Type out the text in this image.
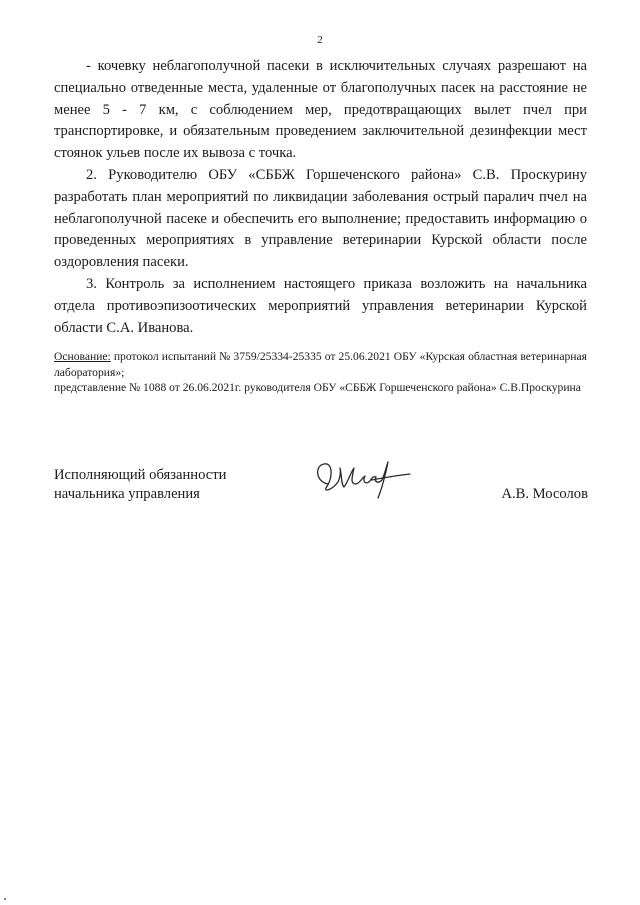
2

- кочевку неблагополучной пасеки в исключительных случаях разрешают на специально отведенные места, удаленные от благополучных пасек на расстояние не менее 5 - 7 км, с соблюдением мер, предотвращающих вылет пчел при транспортировке, и обязательным проведением заключительной дезинфекции мест стоянок ульев после их вывоза с точка.

2. Руководителю ОБУ «СББЖ Горшеченского района» С.В. Проскурину разработать план мероприятий по ликвидации заболевания острый паралич пчел на неблагополучной пасеке и обеспечить его выполнение; предоставить информацию о проведенных мероприятиях в управление ветеринарии Курской области после оздоровления пасеки.

3. Контроль за исполнением настоящего приказа возложить на начальника отдела противоэпизоотических мероприятий управления ветеринарии Курской области С.А. Иванова.

Основание: протокол испытаний № 3759/25334-25335 от 25.06.2021 ОБУ «Курская областная ветеринарная лаборатория»;

представление № 1088 от 26.06.2021г. руководителя ОБУ «СББЖ Горшеченского района» С.В.Проскурина

Исполняющий обязанности
начальника управления	А.В. Мосолов
